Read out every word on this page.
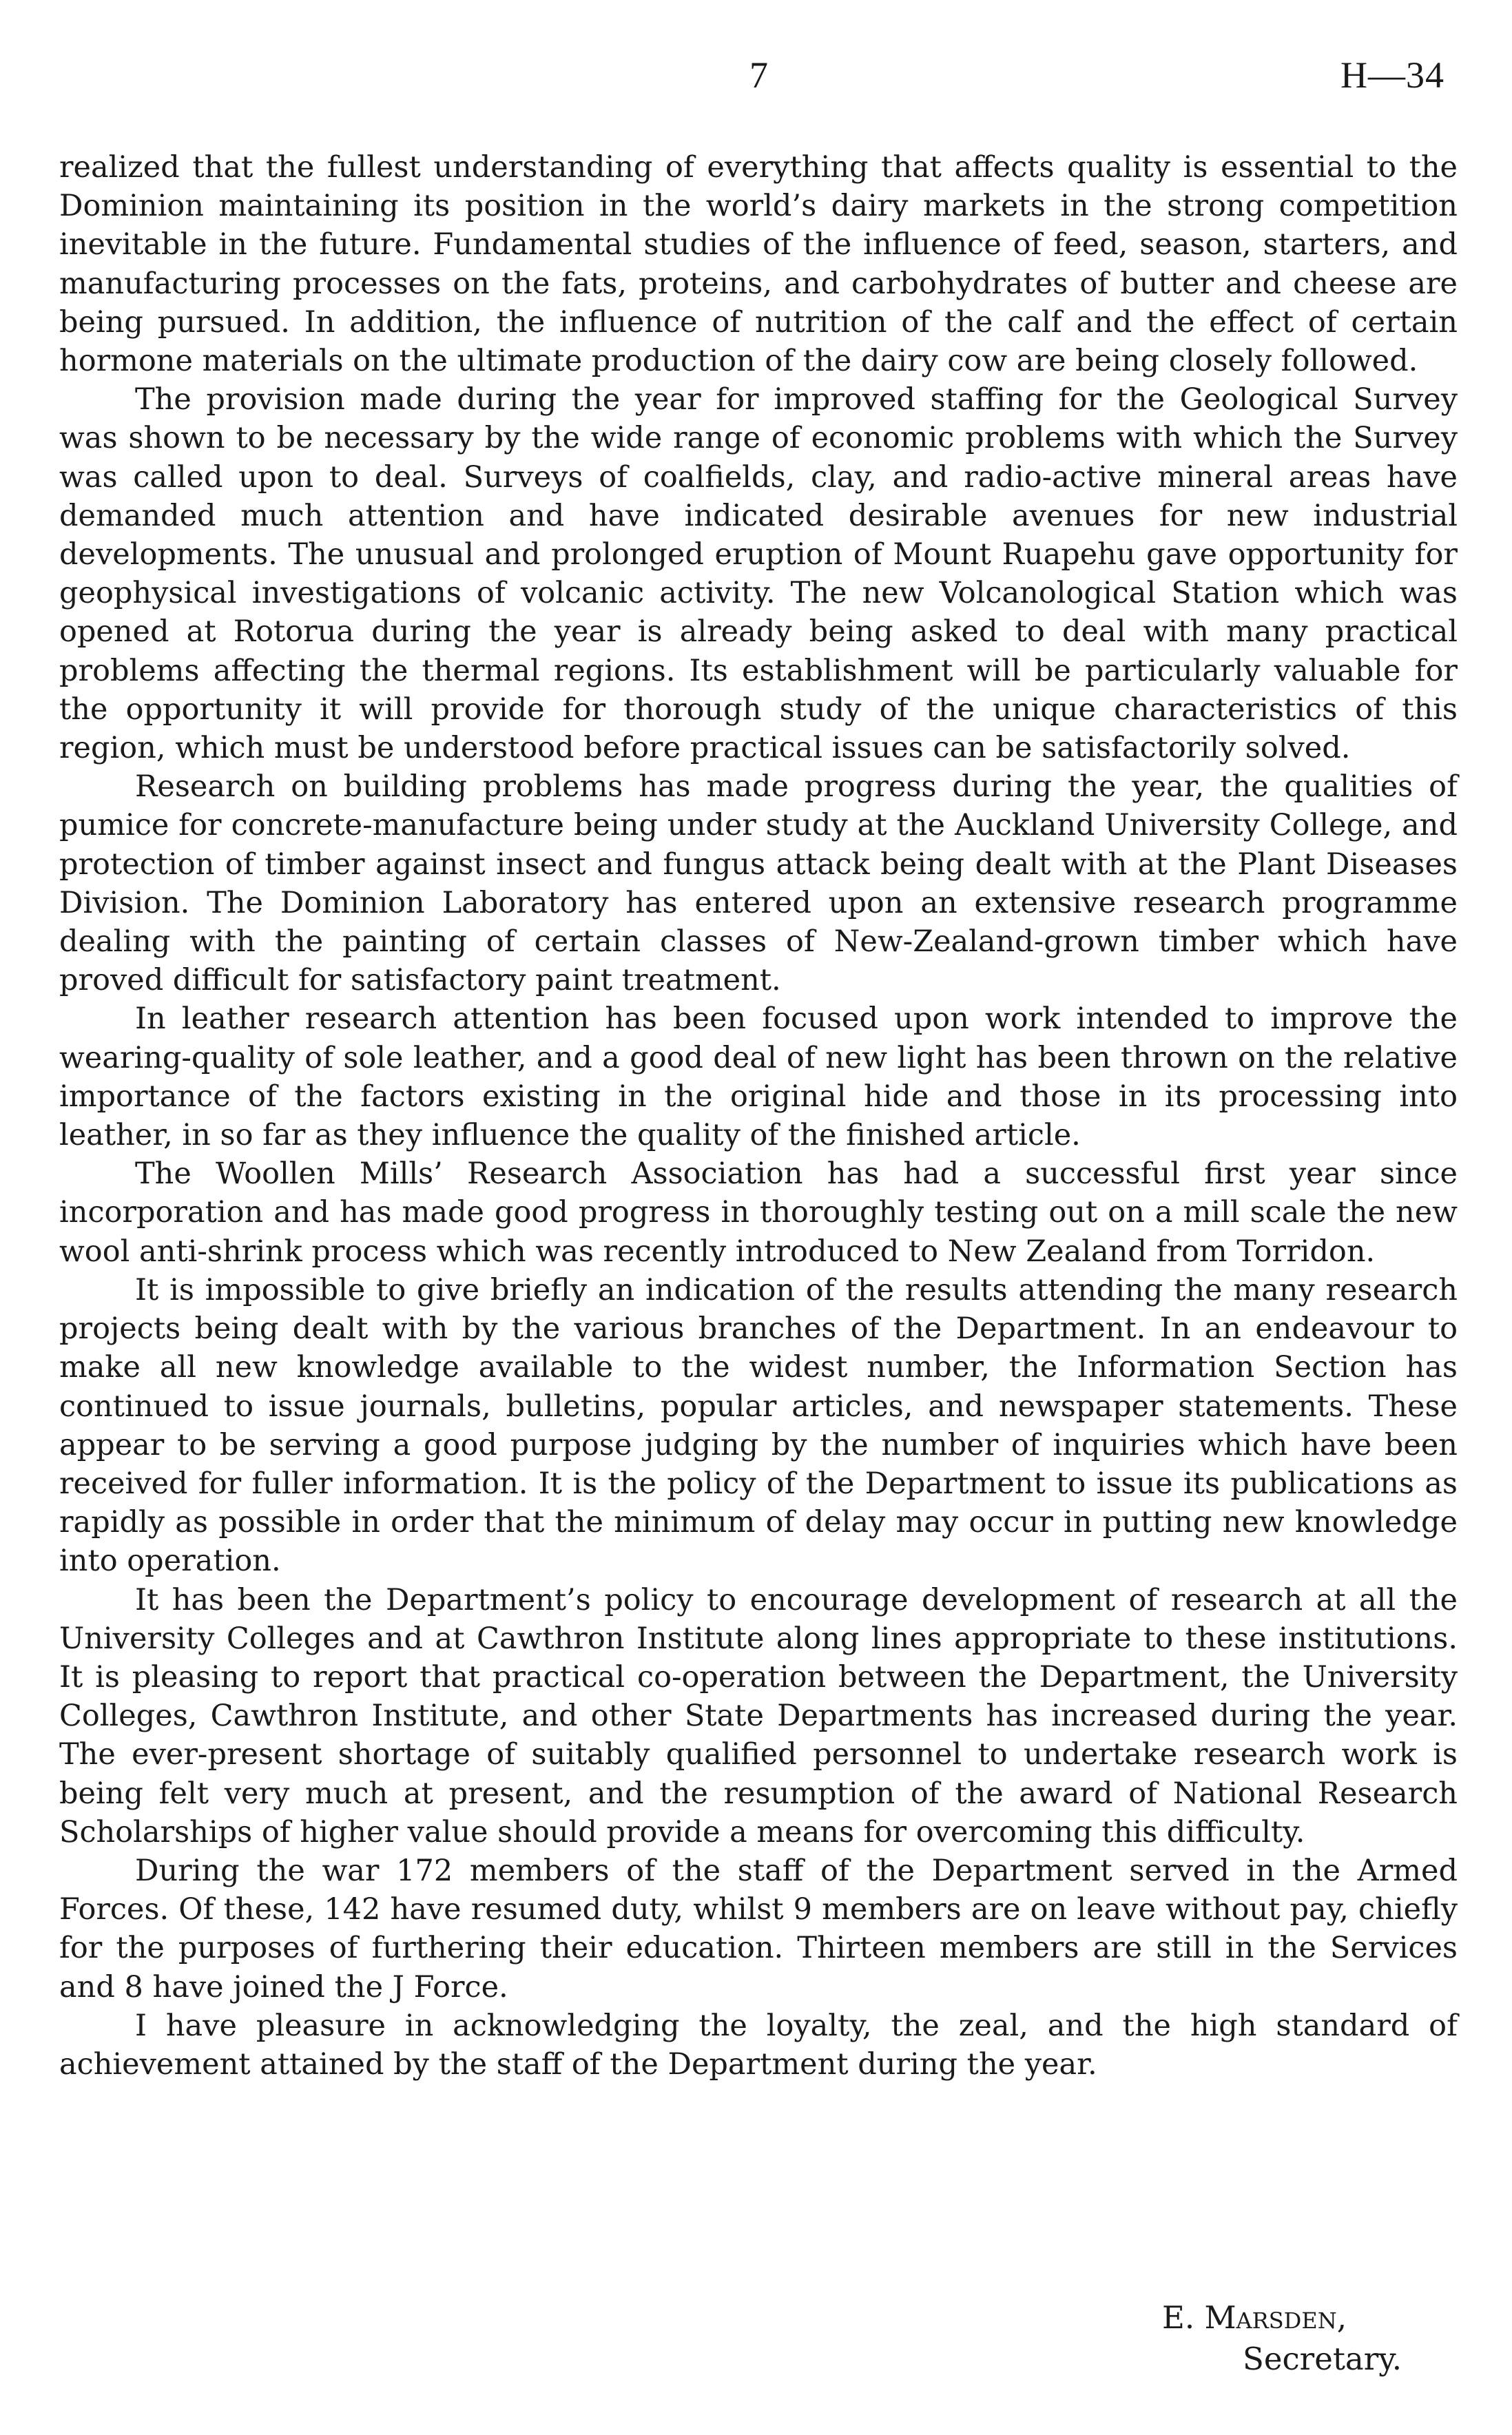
7	H—34

realized that the fullest understanding of everything that affects quality is essential to the Dominion maintaining its position in the world’s dairy markets in the strong competition inevitable in the future. Fundamental studies of the influence of feed, season, starters, and manufacturing processes on the fats, proteins, and carbohydrates of butter and cheese are being pursued. In addition, the influence of nutrition of the calf and the effect of certain hormone materials on the ultimate production of the dairy cow are being closely followed.

The provision made during the year for improved staffing for the Geological Survey was shown to be necessary by the wide range of economic problems with which the Survey was called upon to deal. Surveys of coalfields, clay, and radio-active mineral areas have demanded much attention and have indicated desirable avenues for new industrial developments. The unusual and prolonged eruption of Mount Ruapehu gave opportunity for geophysical investigations of volcanic activity. The new Volcanological Station which was opened at Rotorua during the year is already being asked to deal with many practical problems affecting the thermal regions. Its establishment will be particularly valuable for the opportunity it will provide for thorough study of the unique characteristics of this region, which must be understood before practical issues can be satisfactorily solved.

Research on building problems has made progress during the year, the qualities of pumice for concrete-manufacture being under study at the Auckland University College, and protection of timber against insect and fungus attack being dealt with at the Plant Diseases Division. The Dominion Laboratory has entered upon an extensive research programme dealing with the painting of certain classes of New-Zealand-grown timber which have proved difficult for satisfactory paint treatment.

In leather research attention has been focused upon work intended to improve the wearing-quality of sole leather, and a good deal of new light has been thrown on the relative importance of the factors existing in the original hide and those in its processing into leather, in so far as they influence the quality of the finished article.

The Woollen Mills’ Research Association has had a successful first year since incorporation and has made good progress in thoroughly testing out on a mill scale the new wool anti-shrink process which was recently introduced to New Zealand from Torridon.

It is impossible to give briefly an indication of the results attending the many research projects being dealt with by the various branches of the Department. In an endeavour to make all new knowledge available to the widest number, the Information Section has continued to issue journals, bulletins, popular articles, and newspaper statements. These appear to be serving a good purpose judging by the number of inquiries which have been received for fuller information. It is the policy of the Department to issue its publications as rapidly as possible in order that the minimum of delay may occur in putting new knowledge into operation.

It has been the Department’s policy to encourage development of research at all the University Colleges and at Cawthron Institute along lines appropriate to these institutions. It is pleasing to report that practical co-operation between the Department, the University Colleges, Cawthron Institute, and other State Departments has increased during the year. The ever-present shortage of suitably qualified personnel to undertake research work is being felt very much at present, and the resumption of the award of National Research Scholarships of higher value should provide a means for overcoming this difficulty.

During the war 172 members of the staff of the Department served in the Armed Forces. Of these, 142 have resumed duty, whilst 9 members are on leave without pay, chiefly for the purposes of furthering their education. Thirteen members are still in the Services and 8 have joined the J Force.

I have pleasure in acknowledging the loyalty, the zeal, and the high standard of achievement attained by the staff of the Department during the year.

E. Marsden,
Secretary.
